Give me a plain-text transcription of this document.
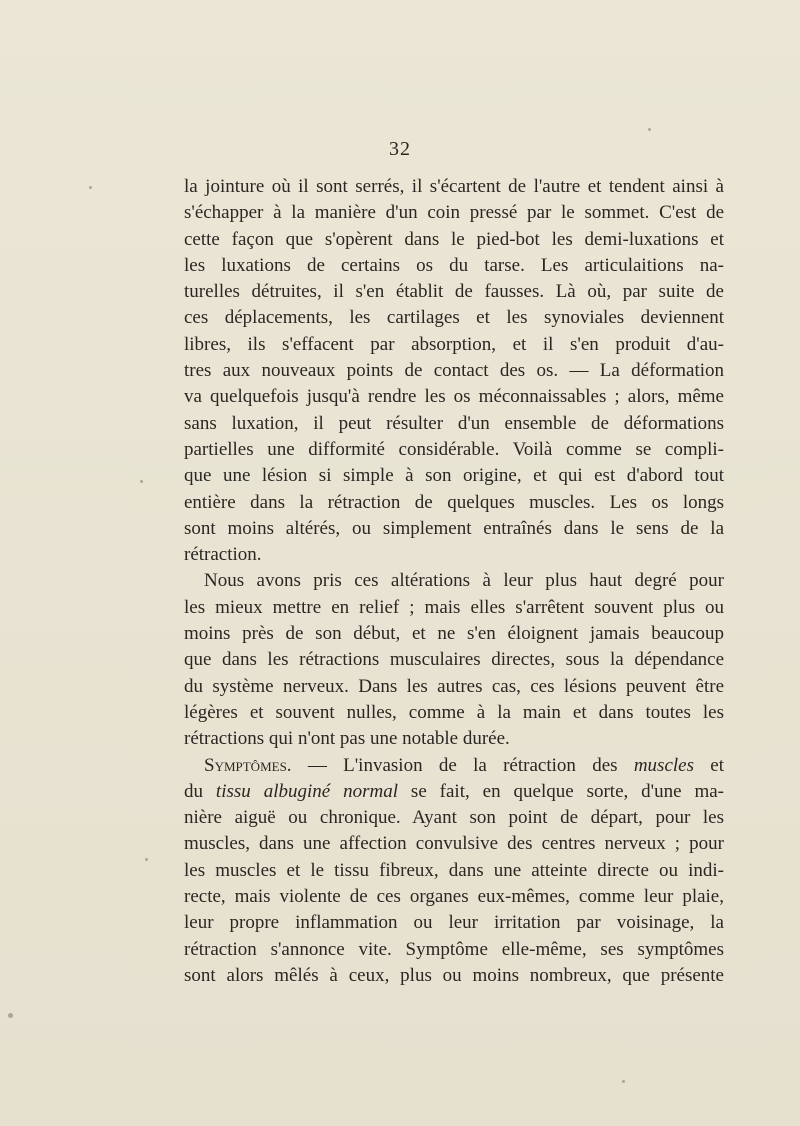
32
la jointure où il sont serrés, il s'écartent de l'autre et tendent ainsi à
s'échapper à la manière d'un coin pressé par le sommet. C'est de
cette façon que s'opèrent dans le pied-bot les demi-luxations et
les luxations de certains os du tarse. Les articulaitions na-
turelles détruites, il s'en établit de fausses. Là où, par suite de
ces déplacements, les cartilages et les synoviales deviennent
libres, ils s'effacent par absorption, et il s'en produit d'au-
tres aux nouveaux points de contact des os. — La déformation
va quelquefois jusqu'à rendre les os méconnaissables ; alors, même
sans luxation, il peut résulter d'un ensemble de déformations
partielles une difformité considérable. Voilà comme se compli-
que une lésion si simple à son origine, et qui est d'abord tout
entière dans la rétraction de quelques muscles. Les os longs
sont moins altérés, ou simplement entraînés dans le sens de la
rétraction.
Nous avons pris ces altérations à leur plus haut degré pour
les mieux mettre en relief ; mais elles s'arrêtent souvent plus ou
moins près de son début, et ne s'en éloignent jamais beaucoup
que dans les rétractions musculaires directes, sous la dépendance
du système nerveux. Dans les autres cas, ces lésions peuvent être
légères et souvent nulles, comme à la main et dans toutes les
rétractions qui n'ont pas une notable durée.
Symptômes. — L'invasion de la rétraction des muscles et
du tissu albuginé normal se fait, en quelque sorte, d'une ma-
nière aiguë ou chronique. Ayant son point de départ, pour les
muscles, dans une affection convulsive des centres nerveux ; pour
les muscles et le tissu fibreux, dans une atteinte directe ou indi-
recte, mais violente de ces organes eux-mêmes, comme leur plaie,
leur propre inflammation ou leur irritation par voisinage, la
rétraction s'annonce vite. Symptôme elle-même, ses symptômes
sont alors mêlés à ceux, plus ou moins nombreux, que présente
